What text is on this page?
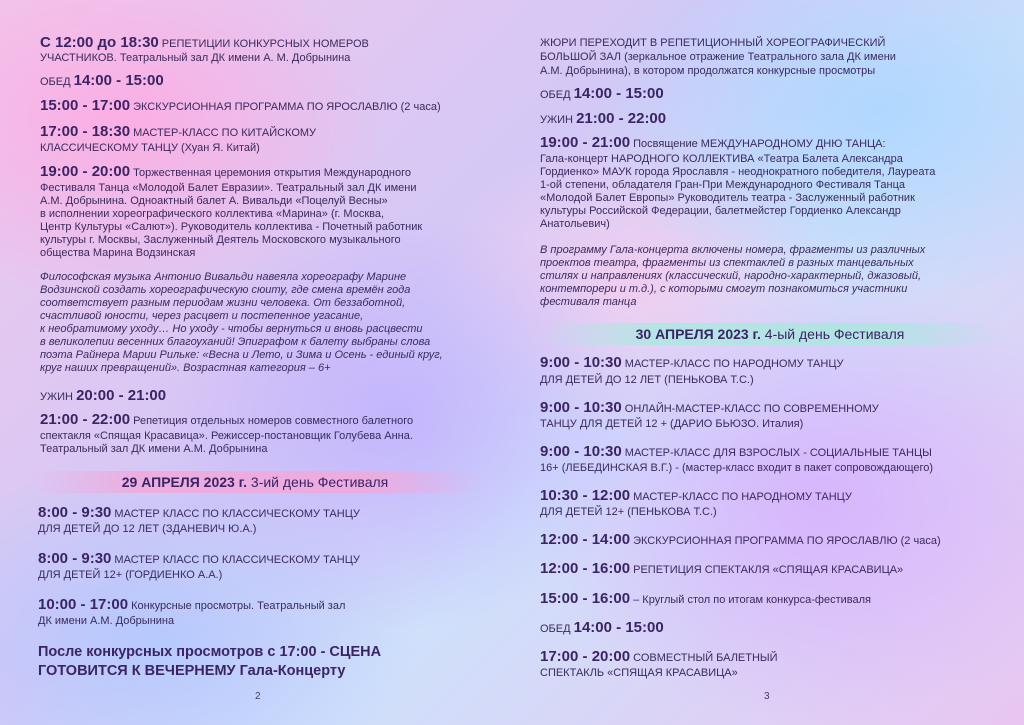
С 12:00 до 18:30 РЕПЕТИЦИИ КОНКУРСНЫХ НОМЕРОВ

УЧАСТНИКОВ. Театральный зал ДК имени А. М. Добрынина

ОБЕД 14:00 - 15:00

15:00 - 17:00 ЭКСКУРСИОННАЯ ПРОГРАММА ПО ЯРОСЛАВЛЮ (2 часа)

17:00 - 18:30 МАСТЕР-КЛАСС ПО КИТАЙСКОМУ

КЛАССИЧЕСКОМУ ТАНЦУ (Хуан Я. Китай)

19:00 - 20:00 Торжественная церемония открытия Международного

Фестиваля Танца «Молодой Балет Евразии». Театральный зал ДК имени

А.М. Добрынина. Одноактный балет А. Вивальди «Поцелуй Весны»

в исполнении хореографического коллектива «Марина» (г. Москва,

Центр Культуры «Салют»). Руководитель коллектива - Почетный работник

культуры г. Москвы, Заслуженный Деятель Московского музыкального

общества Марина Водзинская

Философская музыка Антонио Вивальди навеяла хореографу Марине

Водзинской создать хореографическую сюиту, где смена времён года

соответствует разным периодам жизни человека. От беззаботной,

счастливой юности, через расцвет и постепенное угасание,

к необратимому уходу… Но уходу - чтобы вернуться и вновь расцвести

в великолепии весенних благоуханий! Эпиграфом к балету выбраны слова

поэта Райнера Марии Рильке: «Весна и Лето, и Зима и Осень - единый круг,

круг наших превращений». Возрастная категория – 6+

УЖИН 20:00 - 21:00

21:00 - 22:00 Репетиция отдельных номеров совместного балетного

спектакля «Спящая Красавица». Режиссер-постановщик Голубева Анна.

Театральный зал ДК имени А.М. Добрынина

29 АПРЕЛЯ 2023 г. 3-ий день Фестиваля

8:00 - 9:30 МАСТЕР КЛАСС ПО КЛАССИЧЕСКОМУ ТАНЦУ

ДЛЯ ДЕТЕЙ ДО 12 ЛЕТ (ЗДАНЕВИЧ Ю.А.)

8:00 - 9:30 МАСТЕР КЛАСС ПО КЛАССИЧЕСКОМУ ТАНЦУ

ДЛЯ ДЕТЕЙ 12+ (ГОРДИЕНКО А.А.)

10:00 - 17:00 Конкурсные просмотры. Театральный зал

ДК имени А.М. Добрынина

После конкурсных просмотров с 17:00 - СЦЕНА

ГОТОВИТСЯ К ВЕЧЕРНЕМУ Гала-Концерту

2

ЖЮРИ ПЕРЕХОДИТ В РЕПЕТИЦИОННЫЙ ХОРЕОГРАФИЧЕСКИЙ

БОЛЬШОЙ ЗАЛ (зеркальное отражение Театрального зала ДК имени

А.М. Добрынина), в котором продолжатся конкурсные просмотры

ОБЕД 14:00 - 15:00

УЖИН 21:00 - 22:00

19:00 - 21:00 Посвящение МЕЖДУНАРОДНОМУ ДНЮ ТАНЦА:

Гала-концерт НАРОДНОГО КОЛЛЕКТИВА «Театра Балета Александра

Гордиенко» МАУК города Ярославля - неоднократного победителя, Лауреата

1-ой степени, обладателя Гран-При Международного Фестиваля Танца

«Молодой Балет Европы» Руководитель театра - Заслуженный работник

культуры Российской Федерации, балетмейстер Гордиенко Александр

Анатольевич)

В программу Гала-концерта включены номера, фрагменты из различных

проектов театра, фрагменты из спектаклей в разных танцевальных

стилях и направлениях (классический, народно-характерный, джазовый,

контемпорери и т.д.), с которыми смогут познакомиться участники

фестиваля танца

30 АПРЕЛЯ 2023 г. 4-ый день Фестиваля

9:00 - 10:30 МАСТЕР-КЛАСС ПО НАРОДНОМУ ТАНЦУ

ДЛЯ ДЕТЕЙ ДО 12 ЛЕТ (ПЕНЬКОВА Т.С.)

9:00 - 10:30 ОНЛАЙН-МАСТЕР-КЛАСС ПО СОВРЕМЕННОМУ

ТАНЦУ ДЛЯ ДЕТЕЙ 12 + (ДАРИО БЬЮЗО. Италия)

9:00 - 10:30 МАСТЕР-КЛАСС ДЛЯ ВЗРОСЛЫХ - СОЦИАЛЬНЫЕ ТАНЦЫ

16+ (ЛЕБЕДИНСКАЯ В.Г.) - (мастер-класс входит в пакет сопровождающего)

10:30 - 12:00 МАСТЕР-КЛАСС ПО НАРОДНОМУ ТАНЦУ

ДЛЯ ДЕТЕЙ 12+ (ПЕНЬКОВА Т.С.)

12:00 - 14:00 ЭКСКУРСИОННАЯ ПРОГРАММА ПО ЯРОСЛАВЛЮ (2 часа)

12:00 - 16:00 РЕПЕТИЦИЯ СПЕКТАКЛЯ «СПЯЩАЯ КРАСАВИЦА»

15:00 - 16:00 – Круглый стол по итогам конкурса-фестиваля

ОБЕД 14:00 - 15:00

17:00 - 20:00 СОВМЕСТНЫЙ БАЛЕТНЫЙ

СПЕКТАКЛЬ «СПЯЩАЯ КРАСАВИЦА»

3
